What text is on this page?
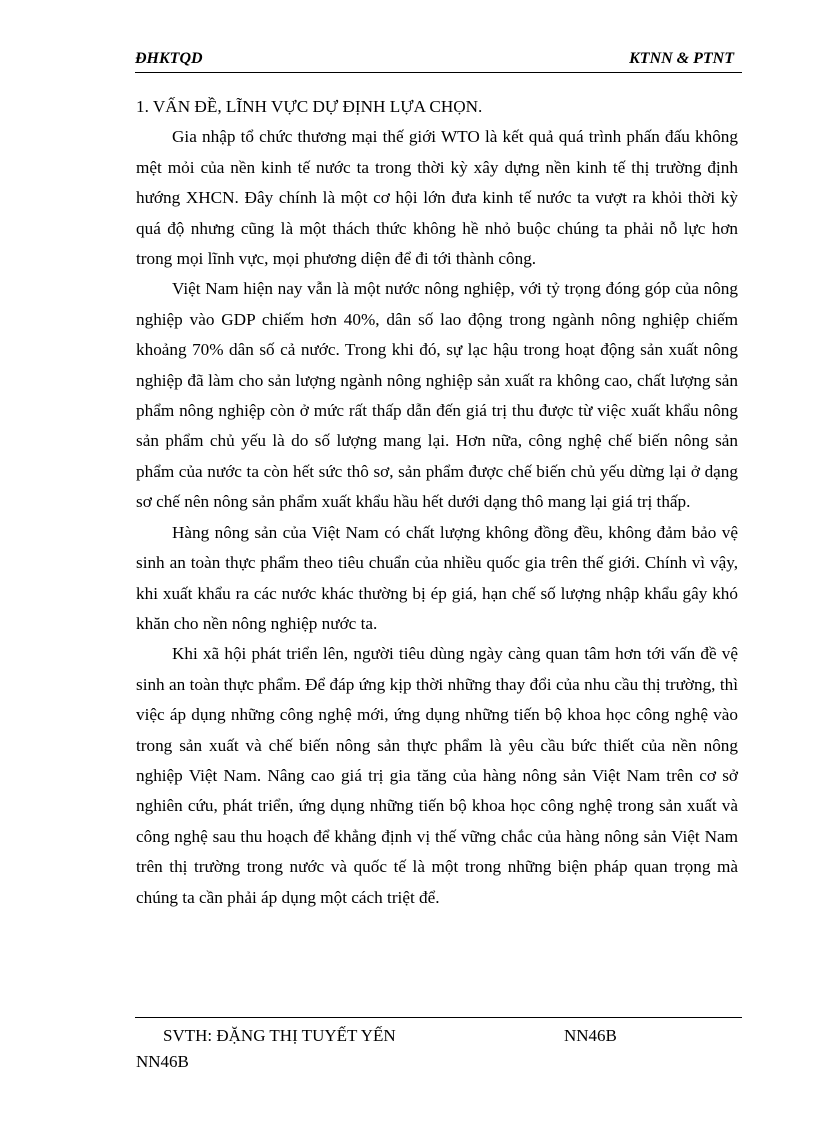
ĐHKTQD	KTNN & PTNT

1. VẤN ĐỀ, LĨNH VỰC DỰ ĐỊNH LỰA CHỌN.

Gia nhập tổ chức thương mại thế giới WTO là kết quả quá trình phấn đấu không mệt mỏi của nền kinh tế nước ta trong thời kỳ xây dựng nền kinh tế thị trường định hướng XHCN. Đây chính là một cơ hội lớn đưa kinh tế nước ta vượt ra khỏi thời kỳ quá độ nhưng cũng là một thách thức không hề nhỏ buộc chúng ta phải nỗ lực hơn trong mọi lĩnh vực, mọi phương diện để đi tới thành công.

Việt Nam hiện nay vẫn là một nước nông nghiệp, với tỷ trọng đóng góp của nông nghiệp vào GDP chiếm hơn 40%, dân số lao động trong ngành nông nghiệp chiếm khoảng 70% dân số cả nước. Trong khi đó, sự lạc hậu trong hoạt động sản xuất nông nghiệp đã làm cho sản lượng ngành nông nghiệp sản xuất ra không cao, chất lượng sản phẩm nông nghiệp còn ở mức rất thấp dẫn đến giá trị thu được từ việc xuất khẩu nông sản phẩm chủ yếu là do số lượng mang lại. Hơn nữa, công nghệ chế biến nông sản phẩm của nước ta còn hết sức thô sơ, sản phẩm được chế biến chủ yếu dừng lại ở dạng sơ chế nên nông sản phẩm xuất khẩu hầu hết dưới dạng thô mang lại giá trị thấp.

Hàng nông sản của Việt Nam có chất lượng không đồng đều, không đảm bảo vệ sinh an toàn thực phẩm theo tiêu chuẩn của nhiều quốc gia trên thế giới. Chính vì vậy, khi xuất khẩu ra các nước khác thường bị ép giá, hạn chế số lượng nhập khẩu gây khó khăn cho nền nông nghiệp nước ta.

Khi xã hội phát triển lên, người tiêu dùng ngày càng quan tâm hơn tới vấn đề vệ sinh an toàn thực phẩm. Để đáp ứng kịp thời những thay đổi của nhu cầu thị trường, thì việc áp dụng những công nghệ mới, ứng dụng những tiến bộ khoa học công nghệ vào trong sản xuất và chế biến nông sản thực phẩm là yêu cầu bức thiết của nền nông nghiệp Việt Nam. Nâng cao giá trị gia tăng của hàng nông sản Việt Nam trên cơ sở nghiên cứu, phát triển, ứng dụng những tiến bộ khoa học công nghệ trong sản xuất và công nghệ sau thu hoạch để khẳng định vị thế vững chắc của hàng nông sản Việt Nam trên thị trường trong nước và quốc tế là một trong những biện pháp quan trọng mà chúng ta cần phải áp dụng một cách triệt để.

SVTH: ĐẶNG THỊ TUYẾT YẾN	NN46B
NN46B
